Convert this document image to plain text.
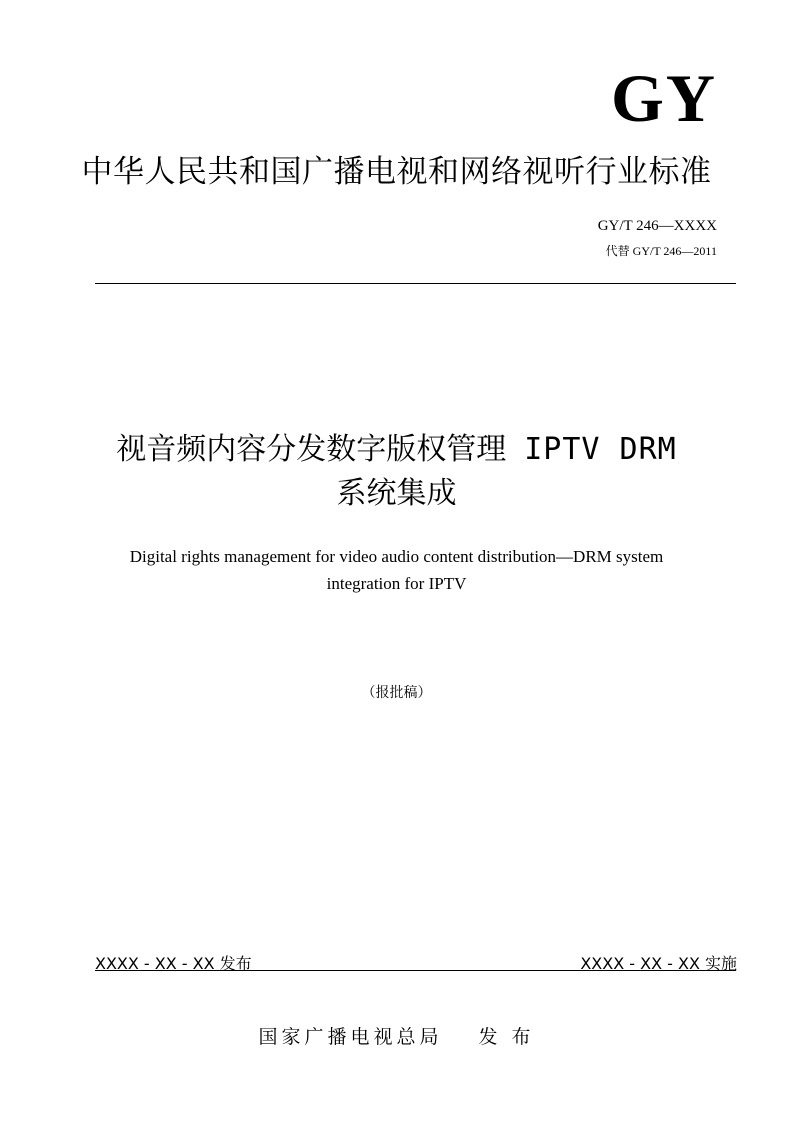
GY
中华人民共和国广播电视和网络视听行业标准
GY/T 246—XXXX
代替 GY/T 246—2011
视音频内容分发数字版权管理 IPTV DRM
系统集成
Digital rights management for video audio content distribution—DRM system
integration for IPTV
（报批稿）
XXXX - XX - XX 发布	XXXX - XX - XX 实施
国家广播电视总局 发 布
